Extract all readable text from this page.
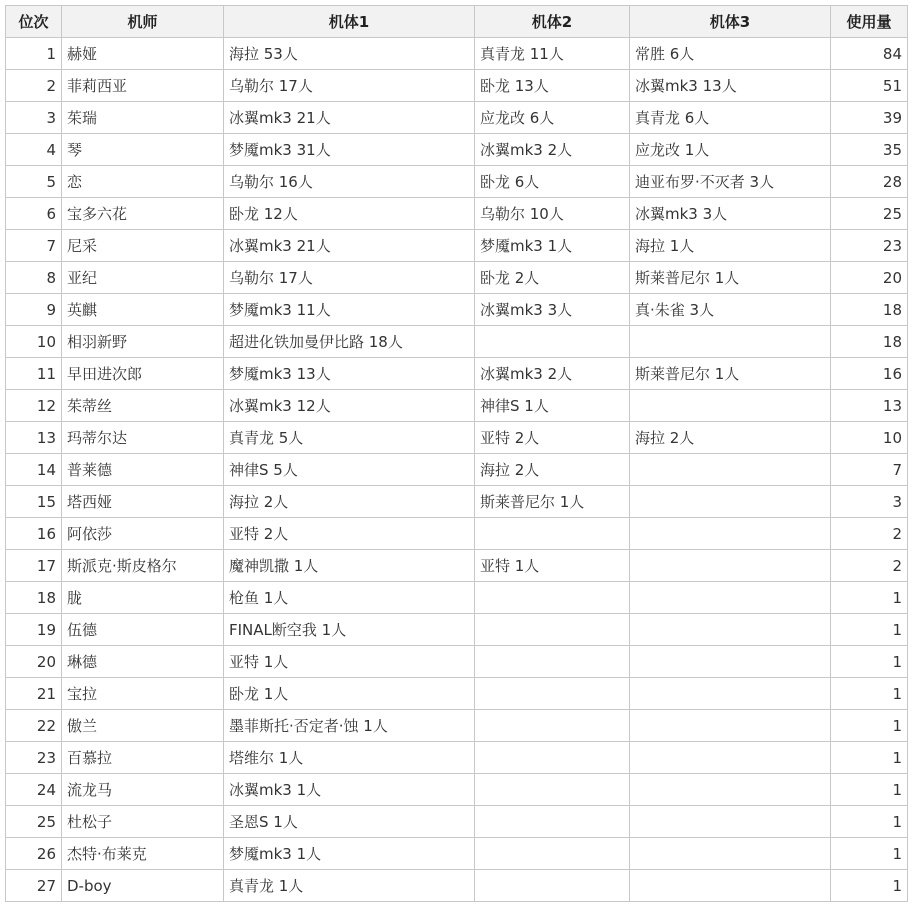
位次	机师	机体1	机体2	机体3	使用量
1	赫娅	海拉 53人	真青龙 11人	常胜 6人	84
2	菲莉西亚	乌勒尔 17人	卧龙 13人	冰翼mk3 13人	51
3	茱瑞	冰翼mk3 21人	应龙改 6人	真青龙 6人	39
4	琴	梦魇mk3 31人	冰翼mk3 2人	应龙改 1人	35
5	恋	乌勒尔 16人	卧龙 6人	迪亚布罗·不灭者 3人	28
6	宝多六花	卧龙 12人	乌勒尔 10人	冰翼mk3 3人	25
7	尼采	冰翼mk3 21人	梦魇mk3 1人	海拉 1人	23
8	亚纪	乌勒尔 17人	卧龙 2人	斯莱普尼尔 1人	20
9	英麒	梦魇mk3 11人	冰翼mk3 3人	真·朱雀 3人	18
10	相羽新野	超进化铁加曼伊比路 18人			18
11	早田进次郎	梦魇mk3 13人	冰翼mk3 2人	斯莱普尼尔 1人	16
12	茱蒂丝	冰翼mk3 12人	神律S 1人		13
13	玛蒂尔达	真青龙 5人	亚特 2人	海拉 2人	10
14	普莱德	神律S 5人	海拉 2人		7
15	塔西娅	海拉 2人	斯莱普尼尔 1人		3
16	阿依莎	亚特 2人			2
17	斯派克·斯皮格尔	魔神凯撒 1人	亚特 1人		2
18	胧	枪鱼 1人			1
19	伍德	FINAL断空我 1人			1
20	琳德	亚特 1人			1
21	宝拉	卧龙 1人			1
22	傲兰	墨菲斯托·否定者·蚀 1人			1
23	百慕拉	塔维尔 1人			1
24	流龙马	冰翼mk3 1人			1
25	杜松子	圣恩S 1人			1
26	杰特·布莱克	梦魇mk3 1人			1
27	D-boy	真青龙 1人			1
